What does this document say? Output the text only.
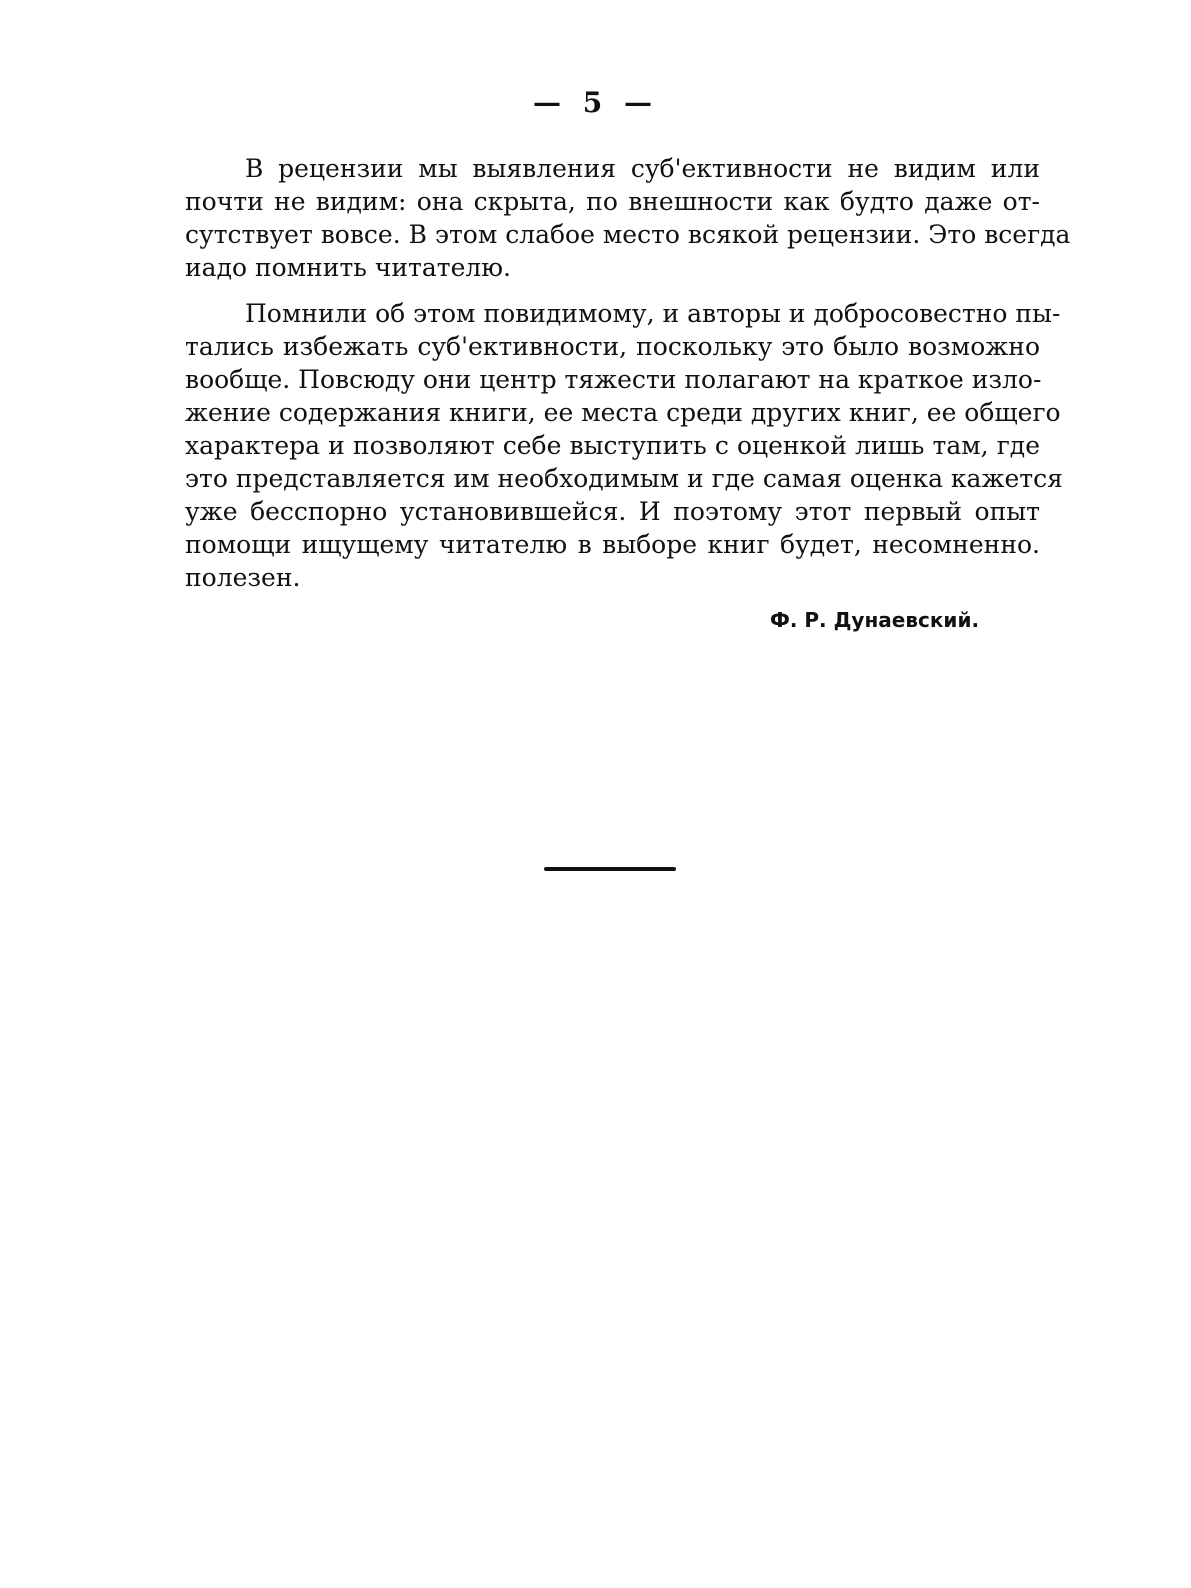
— 5 —
В рецензии мы выявления суб'ективности не видим или
почти не видим: она скрыта, по внешности как будто даже от-
сутствует вовсе. В этом слабое место всякой рецензии. Это всегда
иадо помнить читателю.
Помнили об этом повидимому, и авторы и добросовестно пы-
тались избежать суб'ективности, поскольку это было возможно
вообще. Повсюду они центр тяжести полагают на краткое изло-
жение содержания книги, ее места среди других книг, ее общего
характера и позволяют себе выступить с оценкой лишь там, где
это представляется им необходимым и где самая оценка кажется
уже бесспорно установившейся. И поэтому этот первый опыт
помощи ищущему читателю в выборе книг будет, несомненно.
полезен.
Ф. Р. Дунаевский.
